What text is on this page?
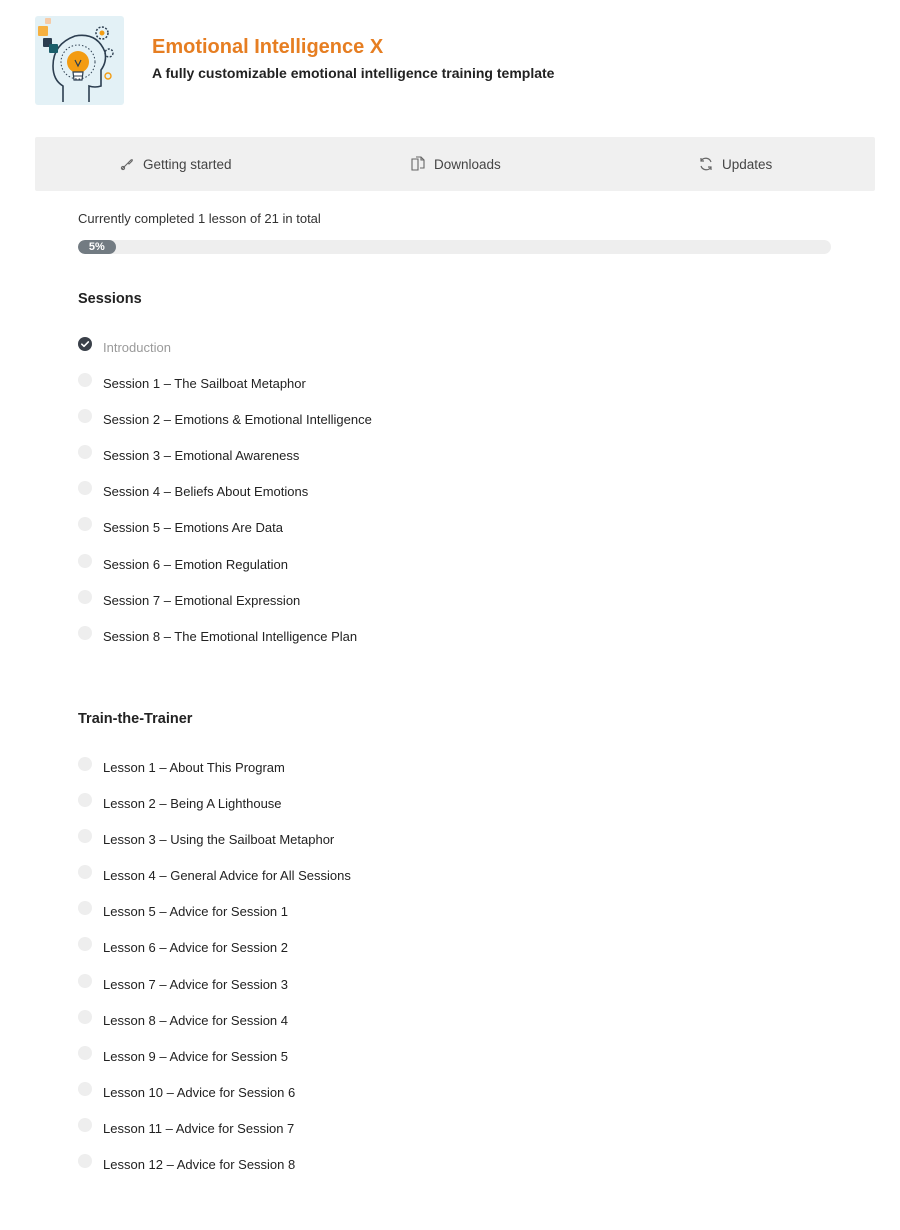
Emotional Intelligence X
A fully customizable emotional intelligence training template
Getting started	Downloads	Updates
Currently completed 1 lesson of 21 in total
5%
Sessions
Introduction
Session 1 – The Sailboat Metaphor
Session 2 – Emotions & Emotional Intelligence
Session 3 – Emotional Awareness
Session 4 – Beliefs About Emotions
Session 5 – Emotions Are Data
Session 6 – Emotion Regulation
Session 7 – Emotional Expression
Session 8 – The Emotional Intelligence Plan
Train-the-Trainer
Lesson 1 – About This Program
Lesson 2 – Being A Lighthouse
Lesson 3 – Using the Sailboat Metaphor
Lesson 4 – General Advice for All Sessions
Lesson 5 – Advice for Session 1
Lesson 6 – Advice for Session 2
Lesson 7 – Advice for Session 3
Lesson 8 – Advice for Session 4
Lesson 9 – Advice for Session 5
Lesson 10 – Advice for Session 6
Lesson 11 – Advice for Session 7
Lesson 12 – Advice for Session 8
